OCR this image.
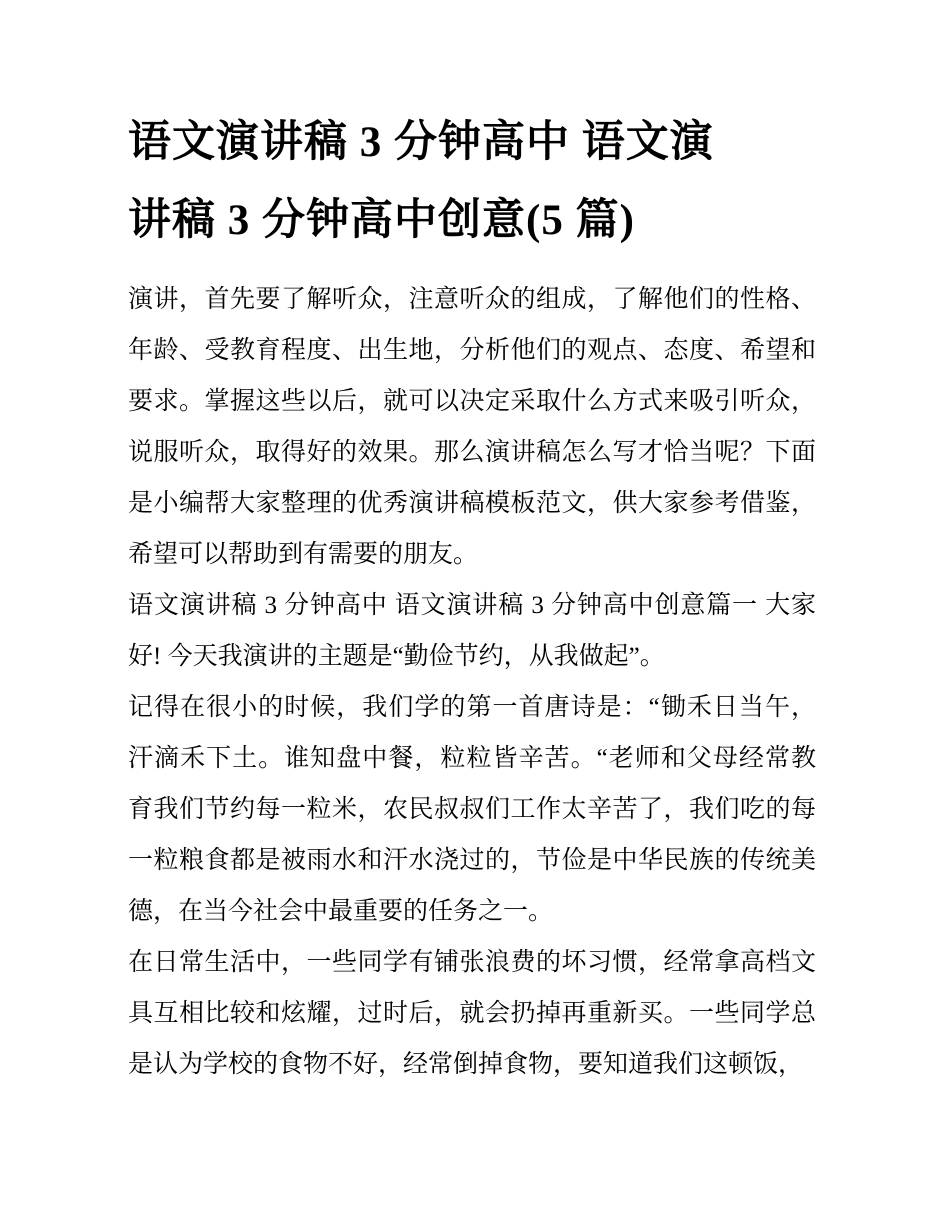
语文演讲稿 3 分钟高中 语文演
讲稿 3 分钟高中创意(5 篇)
演讲，首先要了解听众，注意听众的组成，了解他们的性格、
年龄、受教育程度、出生地，分析他们的观点、态度、希望和
要求。掌握这些以后，就可以决定采取什么方式来吸引听众，
说服听众，取得好的效果。那么演讲稿怎么写才恰当呢？下面
是小编帮大家整理的优秀演讲稿模板范文，供大家参考借鉴，
希望可以帮助到有需要的朋友。
语文演讲稿 3 分钟高中 语文演讲稿 3 分钟高中创意篇一 大家
好! 今天我演讲的主题是“勤俭节约，从我做起”。
记得在很小的时候，我们学的第一首唐诗是：“锄禾日当午，
汗滴禾下土。谁知盘中餐，粒粒皆辛苦。“老师和父母经常教
育我们节约每一粒米，农民叔叔们工作太辛苦了，我们吃的每
一粒粮食都是被雨水和汗水浇过的，节俭是中华民族的传统美
德，在当今社会中最重要的任务之一。
在日常生活中，一些同学有铺张浪费的坏习惯，经常拿高档文
具互相比较和炫耀，过时后，就会扔掉再重新买。一些同学总
是认为学校的食物不好，经常倒掉食物，要知道我们这顿饭，
